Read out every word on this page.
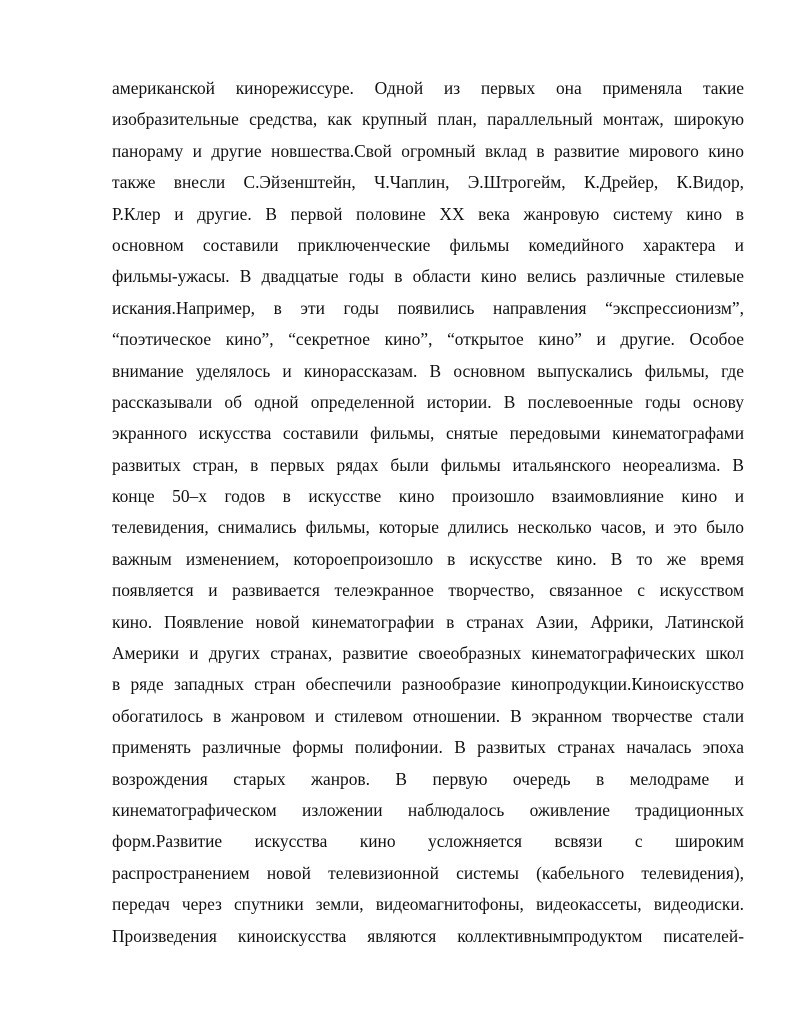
американской кинорежиссуре. Одной из первых она применяла такие
изобразительные средства, как крупный план, параллельный монтаж, широкую
панораму и другие новшества.Свой огромный вклад в развитие мирового кино
также внесли С.Эйзенштейн, Ч.Чаплин, Э.Штрогейм, К.Дрейер, К.Видор,
Р.Клер и другие. В первой половине ХХ века жанровую систему кино в
основном составили приключенческие фильмы комедийного характера и
фильмы-ужасы. В двадцатые годы в области кино велись различные стилевые
искания.Например, в эти годы появились направления “экспрессионизм”,
“поэтическое кино”, “секретное кино”, “открытое кино” и другие. Особое
внимание уделялось и кинорассказам. В основном выпускались фильмы, где
рассказывали об одной определенной истории. В послевоенные годы основу
экранного искусства составили фильмы, снятые передовыми кинематографами
развитых стран, в первых рядах были фильмы итальянского неореализма. В
конце 50–х годов в искусстве кино произошло взаимовлияние кино и
телевидения, снимались фильмы, которые длились несколько часов, и это было
важным изменением, котороепроизошло в искусстве кино. В то же время
появляется и развивается телеэкранное творчество, связанное с искусством
кино. Появление новой кинематографии в странах Азии, Африки, Латинской
Америки и других странах, развитие своеобразных кинематографических школ
в ряде западных стран обеспечили разнообразие кинопродукции.Киноискусство
обогатилось в жанровом и стилевом отношении. В экранном творчестве стали
применять различные формы полифонии. В развитых странах началась эпоха
возрождения старых жанров. В первую очередь в мелодраме и
кинематографическом изложении наблюдалось оживление традиционных
форм.Развитие искусства кино усложняется всвязи с широким
распространением новой телевизионной системы (кабельного телевидения),
передач через спутники земли, видеомагнитофоны, видеокассеты, видеодиски.
Произведения киноискусства являются коллективнымпродуктом писателей-
